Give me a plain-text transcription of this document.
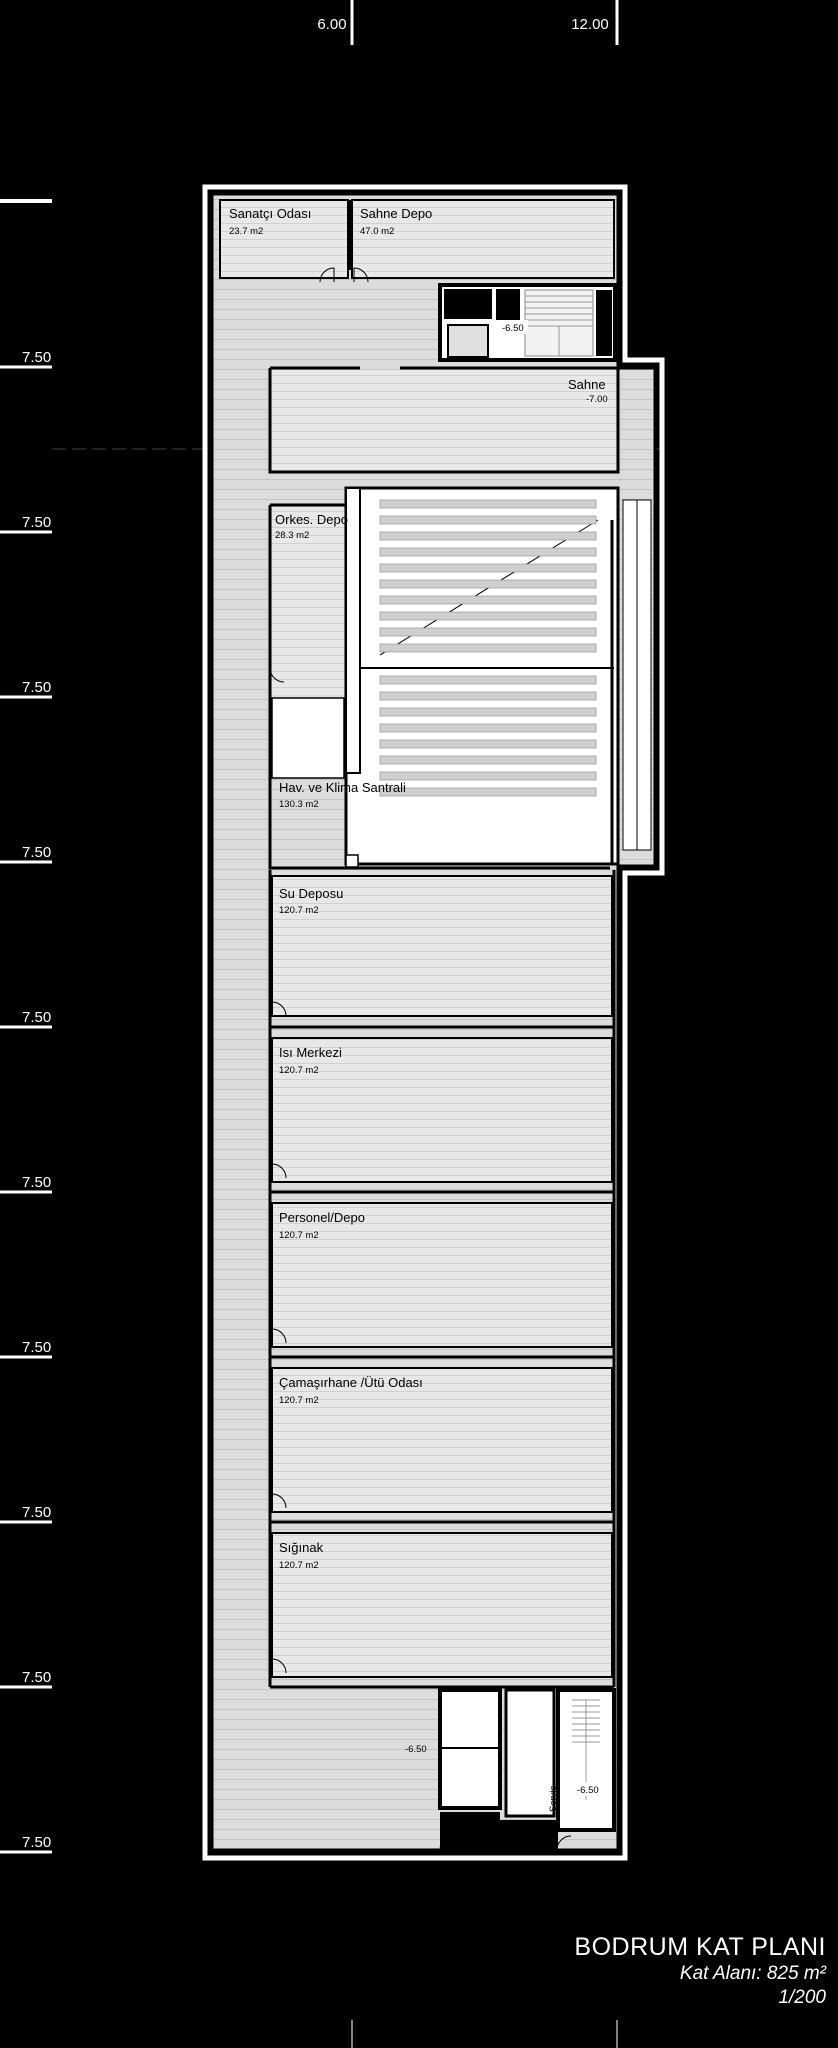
6.00	12.00
7.50
7.50
7.50
7.50
7.50
7.50
7.50
7.50
7.50
7.50
-6.50
-6.50
-6.50
Servis
Sanatçı Odası
23.7 m2
Sahne Depo
47.0 m2
Sahne
-7.00
Orkes. Depo
28.3 m2
Hav. ve Klima Santrali
130.3 m2
Su Deposu
120.7 m2
Isı Merkezi
120.7 m2
Personel/Depo
120.7 m2
Çamaşırhane /Ütü Odası
120.7 m2
Sığınak
120.7 m2
BODRUM KAT PLANI
Kat Alanı: 825 m²
1/200
